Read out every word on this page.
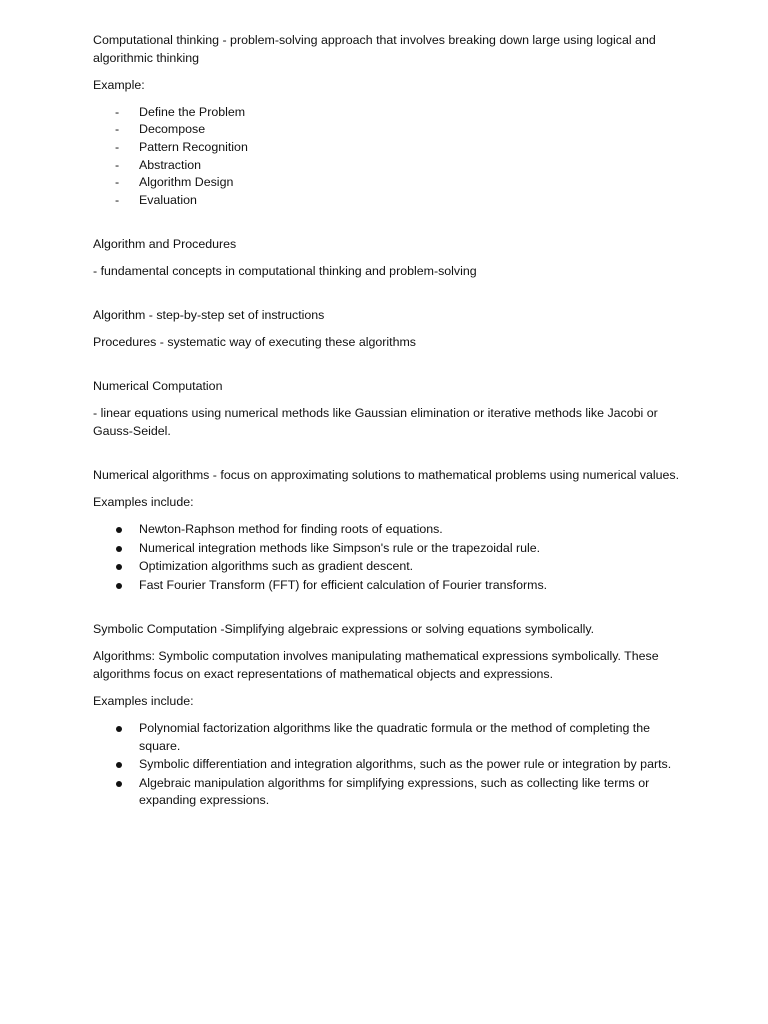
Computational thinking - problem-solving approach that involves breaking down large using logical and algorithmic thinking

Example:

- Define the Problem
- Decompose
- Pattern Recognition
- Abstraction
- Algorithm Design
- Evaluation

Algorithm and Procedures

- fundamental concepts in computational thinking and problem-solving

Algorithm - step-by-step set of instructions

Procedures - systematic way of executing these algorithms

Numerical Computation

- linear equations using numerical methods like Gaussian elimination or iterative methods like Jacobi or Gauss-Seidel.

Numerical algorithms - focus on approximating solutions to mathematical problems using numerical values.

Examples include:

Newton-Raphson method for finding roots of equations.
Numerical integration methods like Simpson's rule or the trapezoidal rule.
Optimization algorithms such as gradient descent.
Fast Fourier Transform (FFT) for efficient calculation of Fourier transforms.

Symbolic Computation -Simplifying algebraic expressions or solving equations symbolically.

Algorithms: Symbolic computation involves manipulating mathematical expressions symbolically. These algorithms focus on exact representations of mathematical objects and expressions.

Examples include:

Polynomial factorization algorithms like the quadratic formula or the method of completing the square.
Symbolic differentiation and integration algorithms, such as the power rule or integration by parts.
Algebraic manipulation algorithms for simplifying expressions, such as collecting like terms or expanding expressions.
